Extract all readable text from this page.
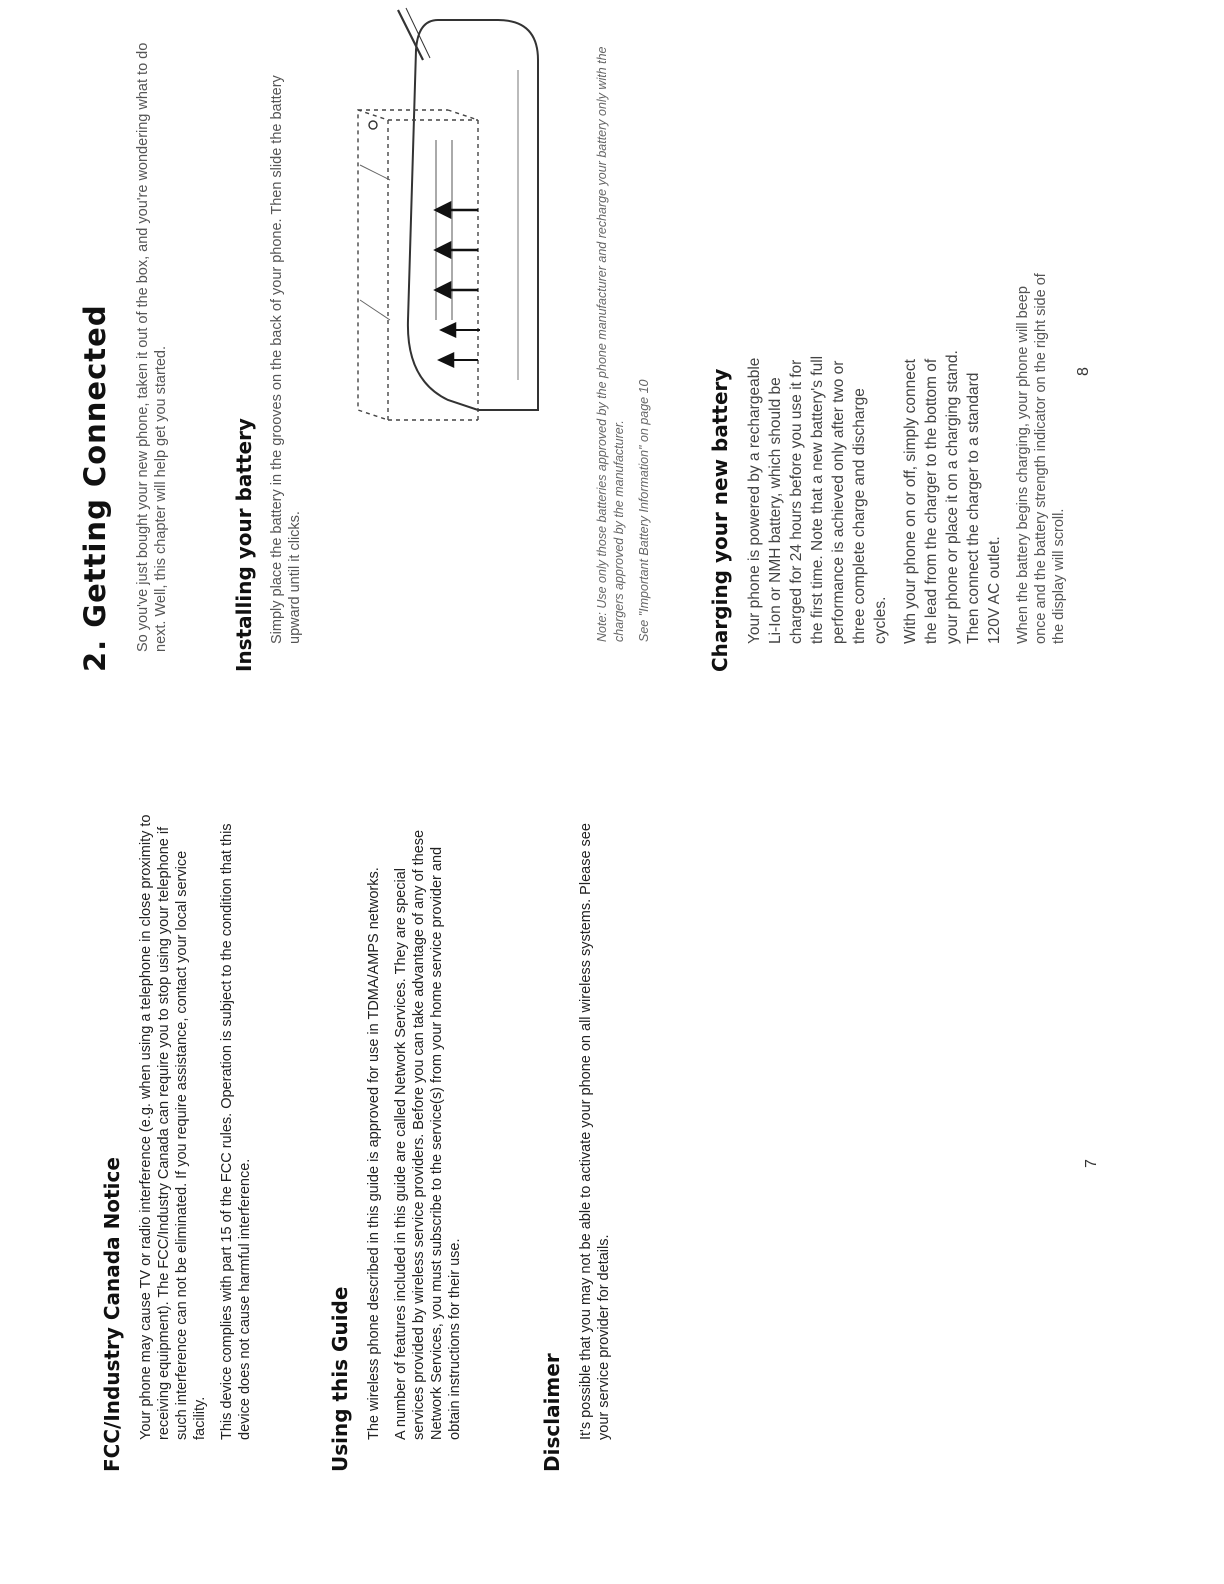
FCC/Industry Canada Notice Your phone may cause TV or radio interference (e.g. when using a telephone in close proximity to receiving equipment). The FCC/Industry Canada can require you to stop using your telephone if such interference can not be eliminated. If you require assistance, contact your local service facility. This device complies with part 15 of the FCC rules. Operation is subject to the condition that this device does not cause harmful interference.	Using this Guide The wireless phone described in this guide is approved for use in TDMA/AMPS networks. A number of features included in this guide are called Network Services. They are special services provided by wireless service providers. Before you can take advantage of any of these Network Services, you must subscribe to the service(s) from your home service provider and obtain instructions for their use.	Disclaimer It's possible that you may not be able to activate your phone on all wireless systems. Please see your service provider for details.

7
2. Getting Connected So you've just bought your new phone, taken it out of the box, and you're wondering what to do next. Well, this chapter will help get you started.	Installing your battery Simply place the battery in the grooves on the back of your phone. Then slide the battery upward until it clicks.	Note: Use only those batteries approved by the phone manufacturer and recharge your battery only with the chargers approved by the manufacturer. See "Important Battery Information" on page 10	Charging your new battery Your phone is powered by a rechargeable Li-Ion or NMH battery, which should be charged for 24 hours before you use it for the first time. Note that a new battery's full performance is achieved only after two or three complete charge and discharge cycles. With your phone on or off, simply connect the lead from the charger to the bottom of your phone or place it on a charging stand. Then connect the charger to a standard 120V AC outlet. When the battery begins charging, your phone will beep once and the battery strength indicator on the right side of the display will scroll.

8
